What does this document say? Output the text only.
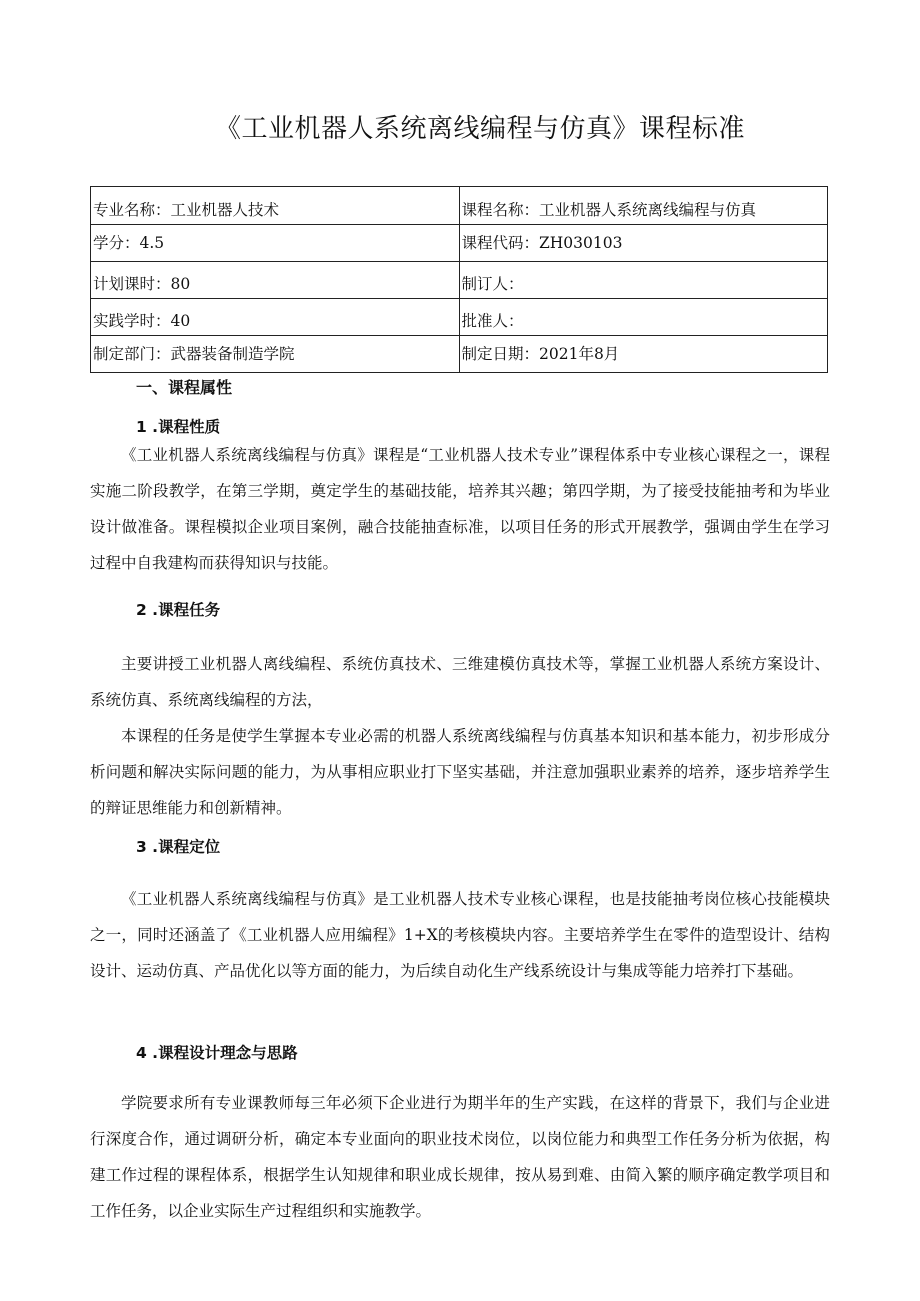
《工业机器人系统离线编程与仿真》课程标准
专业名称：工业机器人技术	课程名称：工业机器人系统离线编程与仿真
学分：4.5	课程代码：ZH030103
计划课时：80	制订人：
实践学时：40	批准人：
制定部门：武器装备制造学院	制定日期：2021年8月
一、课程属性
1 .课程性质

《工业机器人系统离线编程与仿真》课程是“工业机器人技术专业”课程体系中专业核心课程之一，课程实施二阶段教学，在第三学期，奠定学生的基础技能，培养其兴趣；第四学期，为了接受技能抽考和为毕业设计做准备。课程模拟企业项目案例，融合技能抽查标准，以项目任务的形式开展教学，强调由学生在学习过程中自我建构而获得知识与技能。

2 .课程任务

主要讲授工业机器人离线编程、系统仿真技术、三维建模仿真技术等，掌握工业机器人系统方案设计、系统仿真、系统离线编程的方法，

本课程的任务是使学生掌握本专业必需的机器人系统离线编程与仿真基本知识和基本能力，初步形成分析问题和解决实际问题的能力，为从事相应职业打下坚实基础，并注意加强职业素养的培养，逐步培养学生的辩证思维能力和创新精神。

3 .课程定位

《工业机器人系统离线编程与仿真》是工业机器人技术专业核心课程，也是技能抽考岗位核心技能模块之一，同时还涵盖了《工业机器人应用编程》1+X的考核模块内容。主要培养学生在零件的造型设计、结构设计、运动仿真、产品优化以等方面的能力，为后续自动化生产线系统设计与集成等能力培养打下基础。

4 .课程设计理念与思路

学院要求所有专业课教师每三年必须下企业进行为期半年的生产实践，在这样的背景下，我们与企业进行深度合作，通过调研分析，确定本专业面向的职业技术岗位，以岗位能力和典型工作任务分析为依据，构建工作过程的课程体系，根据学生认知规律和职业成长规律，按从易到难、由简入繁的顺序确定教学项目和工作任务，以企业实际生产过程组织和实施教学。
